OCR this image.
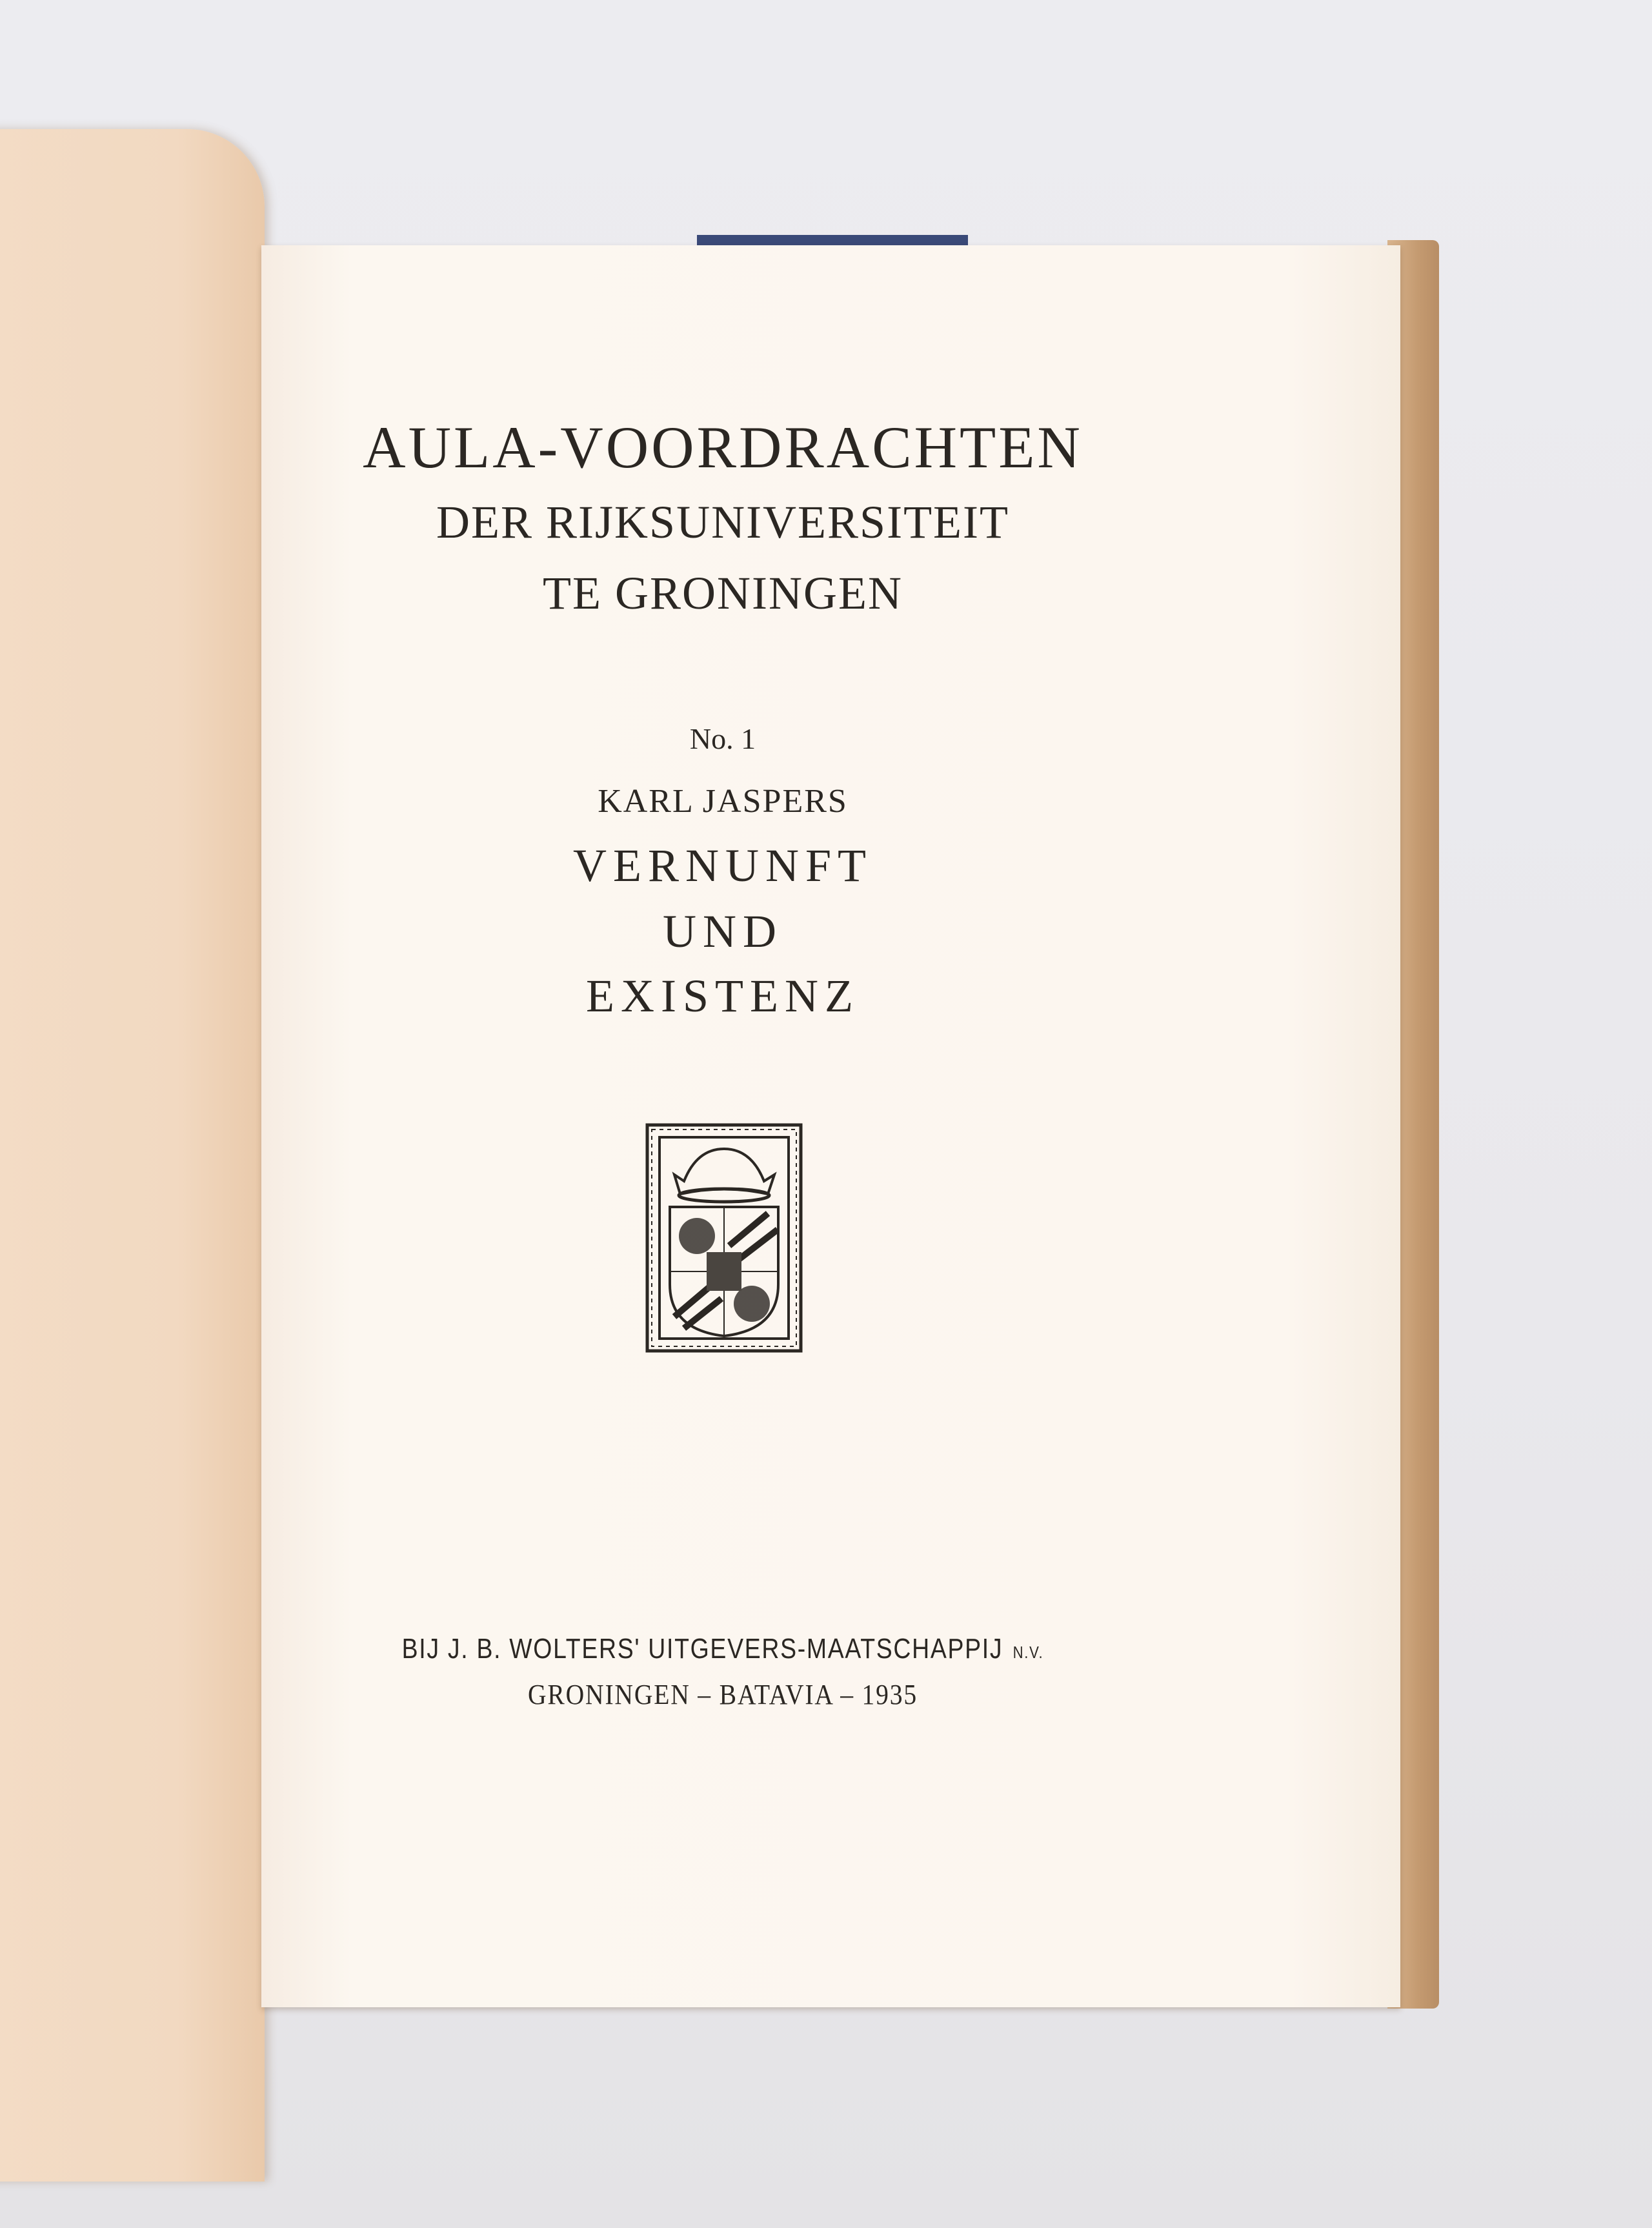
AULA-VOORDRACHTEN
DER RIJKSUNIVERSITEIT
TE GRONINGEN
No. 1
KARL JASPERS
VERNUNFT
UND
EXISTENZ
BIJ J. B. WOLTERS' UITGEVERS-MAATSCHAPPIJ N.V.
GRONINGEN – BATAVIA – 1935
